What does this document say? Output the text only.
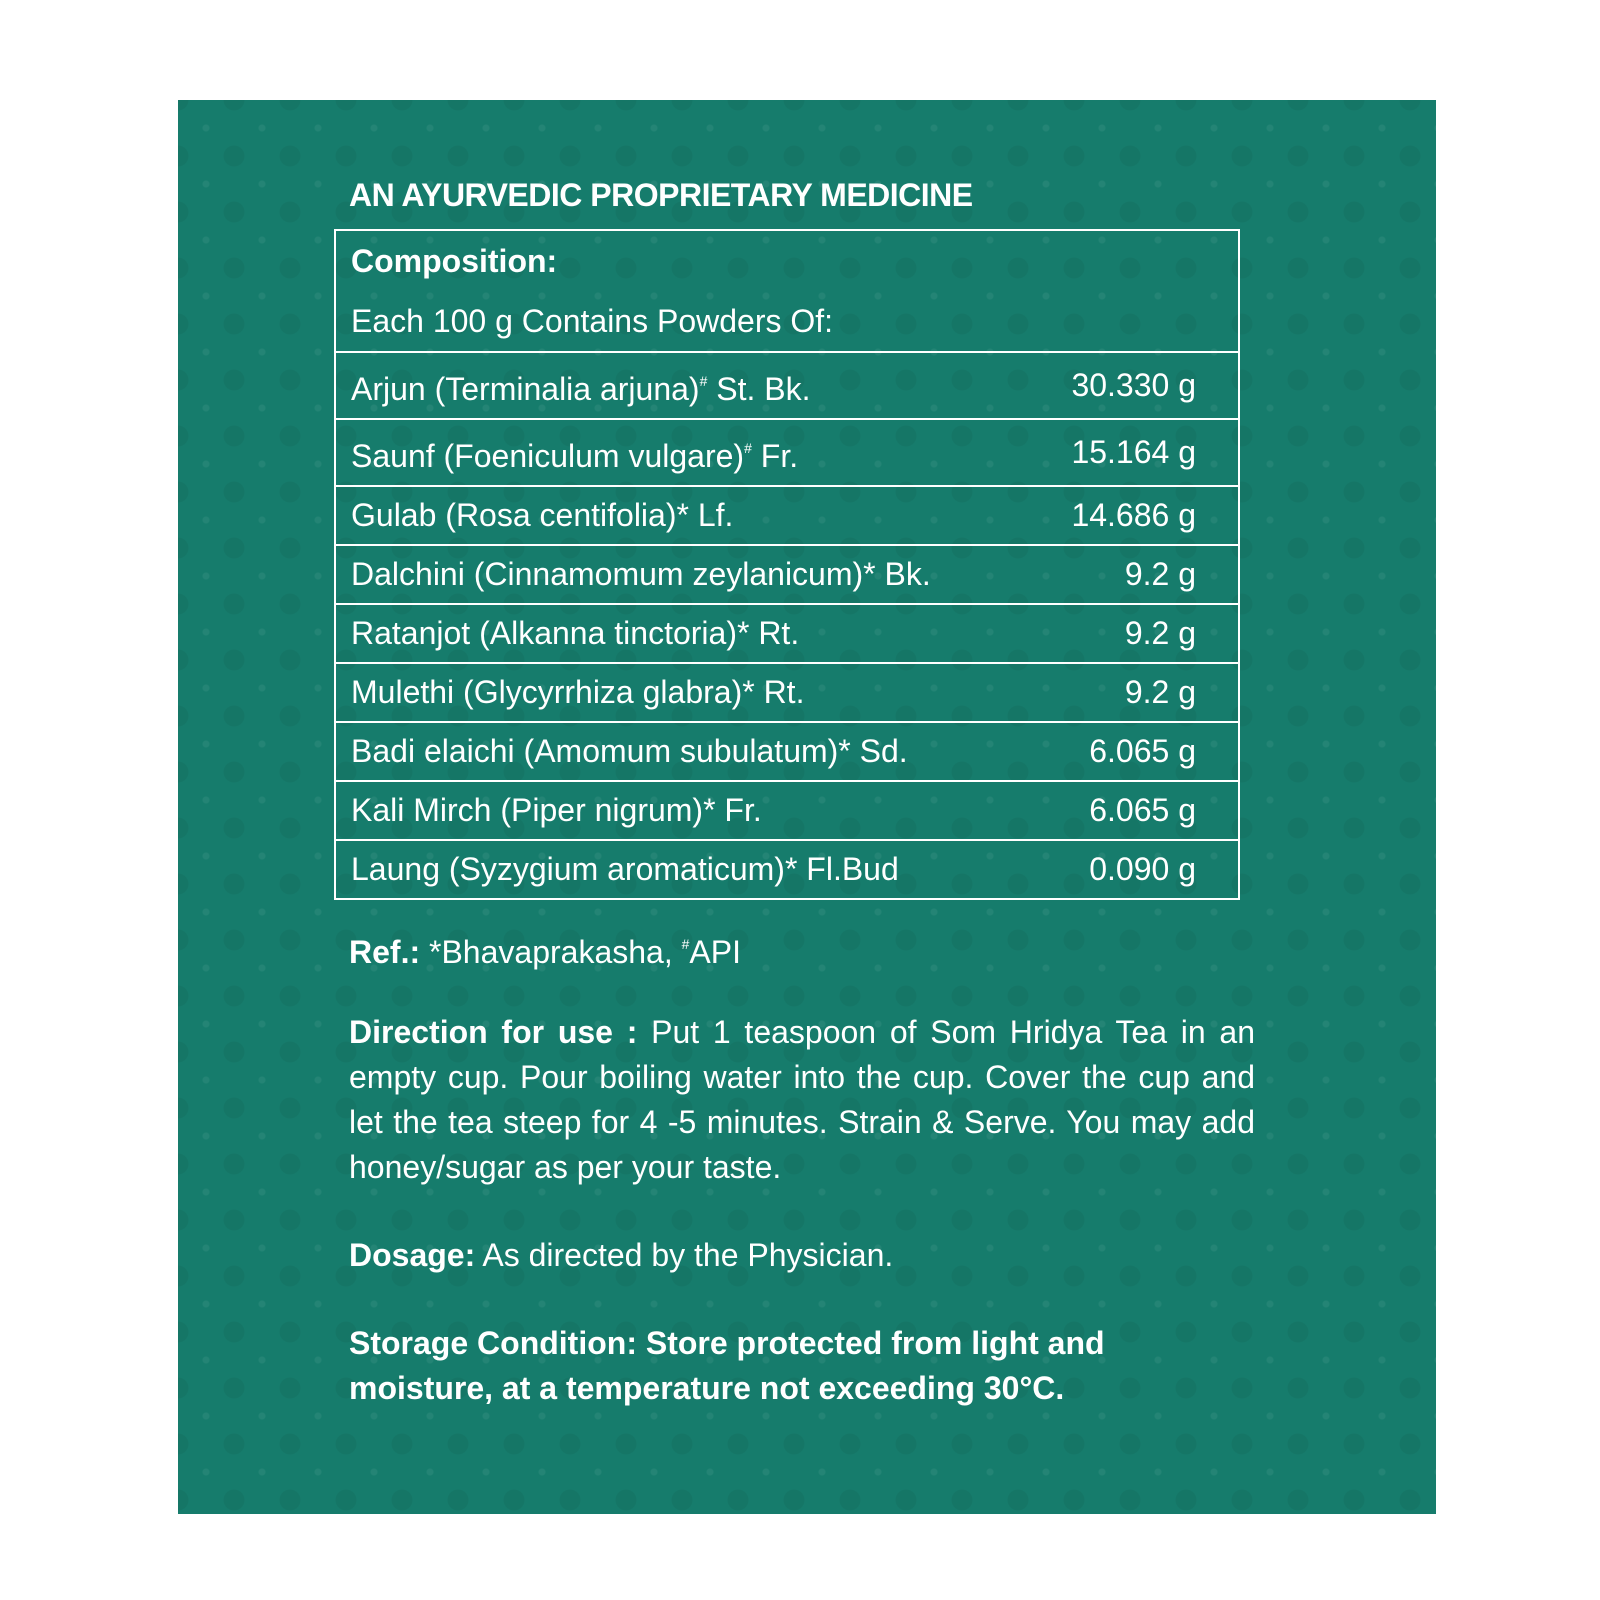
AN AYURVEDIC PROPRIETARY MEDICINE
Composition:
Each 100 g Contains Powders Of:	
Arjun (Terminalia arjuna)# St. Bk.	30.330 g
Saunf (Foeniculum vulgare)# Fr.	15.164 g
Gulab (Rosa centifolia)* Lf.	14.686 g
Dalchini (Cinnamomum zeylanicum)* Bk.	9.2 g
Ratanjot (Alkanna tinctoria)* Rt.	9.2 g
Mulethi (Glycyrrhiza glabra)* Rt.	9.2 g
Badi elaichi (Amomum subulatum)* Sd.	6.065 g
Kali Mirch (Piper nigrum)* Fr.	6.065 g
Laung (Syzygium aromaticum)* Fl.Bud	0.090 g

Ref.: *Bhavaprakasha, #API

Direction for use : Put 1 teaspoon of Som Hridya Tea in an empty cup. Pour boiling water into the cup. Cover the cup and let the tea steep for 4 -5 minutes. Strain & Serve. You may add honey/sugar as per your taste.

Dosage: As directed by the Physician.

Storage Condition: Store protected from light and moisture, at a temperature not exceeding 30°C.
